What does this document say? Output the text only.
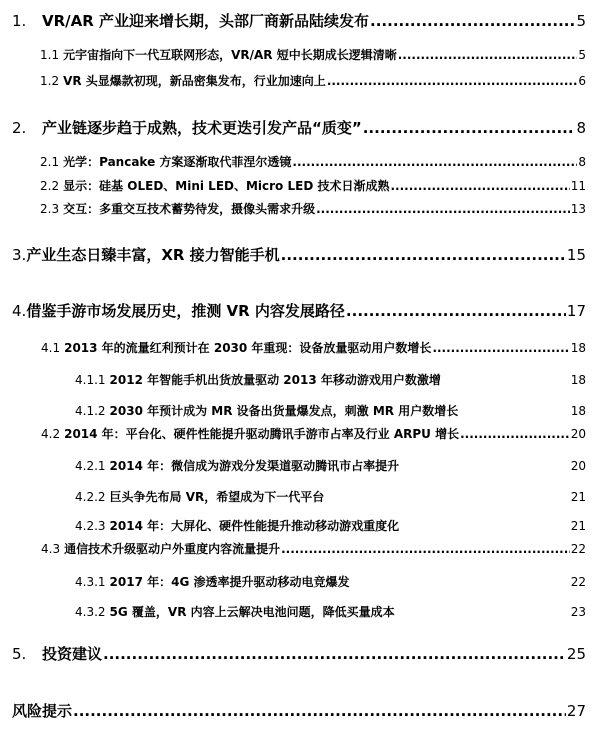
1.	VR/AR 产业迎来增长期，头部厂商新品陆续发布 .....	5
1.1 元宇宙指向下一代互联网形态，VR/AR 短中长期成长逻辑清晰 .....	5
1.2 VR 头显爆款初现，新品密集发布，行业加速向上 .....	6
2.	产业链逐步趋于成熟，技术更迭引发产品“质变” .....	8
2.1 光学：Pancake 方案逐渐取代菲涅尔透镜 .....	8
2.2 显示：硅基 OLED、Mini LED、Micro LED 技术日渐成熟 .....	11
2.3 交互：多重交互技术蓄势待发，摄像头需求升级 .....	13
3. 产业生态日臻丰富，XR 接力智能手机 .....	15
4. 借鉴手游市场发展历史，推测 VR 内容发展路径 .....	17
4.1 2013 年的流量红利预计在 2030 年重现：设备放量驱动用户数增长 .....	18
4.1.1 2012 年智能手机出货放量驱动 2013 年移动游戏用户数激增	18
4.1.2 2030 年预计成为 MR 设备出货量爆发点，刺激 MR 用户数增长	18
4.2 2014 年：平台化、硬件性能提升驱动腾讯手游市占率及行业 ARPU 增长 .....	20
4.2.1 2014 年：微信成为游戏分发渠道驱动腾讯市占率提升	20
4.2.2 巨头争先布局 VR，希望成为下一代平台	21
4.2.3 2014 年：大屏化、硬件性能提升推动移动游戏重度化	21
4.3 通信技术升级驱动户外重度内容流量提升 .....	22
4.3.1 2017 年：4G 渗透率提升驱动移动电竞爆发	22
4.3.2 5G 覆盖，VR 内容上云解决电池问题，降低买量成本	23
5.	投资建议 .....	25
风险提示 .....	27
